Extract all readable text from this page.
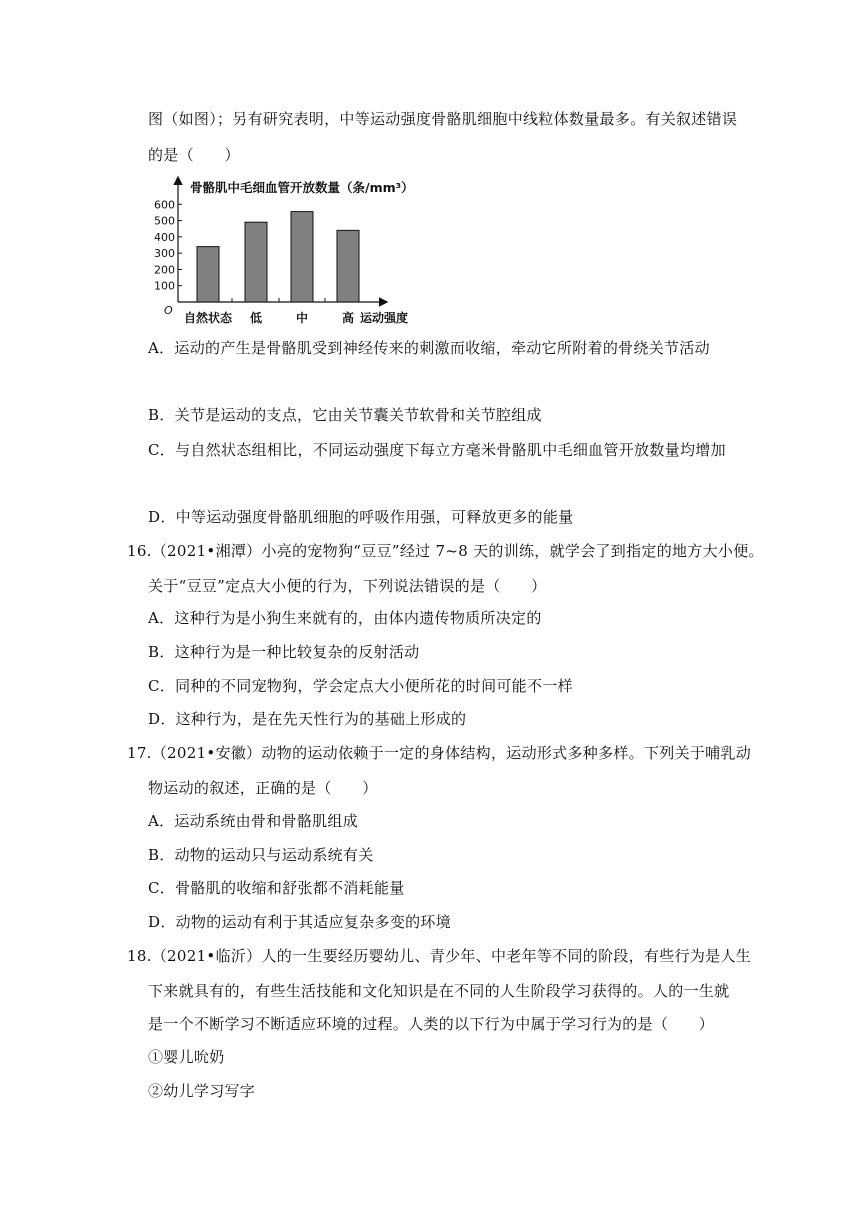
图（如图）；另有研究表明，中等运动强度骨骼肌细胞中线粒体数量最多。有关叙述错误
的是（　　）
骨骼肌中毛细血管开放数量（条/mm³）
O
运动强度
100
200
300
400
500
600
自然状态 低	中	高
A．运动的产生是骨骼肌受到神经传来的刺激而收缩，牵动它所附着的骨绕关节活动
B．关节是运动的支点，它由关节囊关节软骨和关节腔组成
C．与自然状态组相比，不同运动强度下每立方毫米骨骼肌中毛细血管开放数量均增加
D．中等运动强度骨骼肌细胞的呼吸作用强，可释放更多的能量
16.（2021•湘潭）小亮的宠物狗“豆豆”经过 7~8 天的训练，就学会了到指定的地方大小便。
关于“豆豆”定点大小便的行为，下列说法错误的是（　　）
A．这种行为是小狗生来就有的，由体内遗传物质所决定的
B．这种行为是一种比较复杂的反射活动
C．同种的不同宠物狗，学会定点大小便所花的时间可能不一样
D．这种行为，是在先天性行为的基础上形成的
17.（2021•安徽）动物的运动依赖于一定的身体结构，运动形式多种多样。下列关于哺乳动
物运动的叙述，正确的是（　　）
A．运动系统由骨和骨骼肌组成
B．动物的运动只与运动系统有关
C．骨骼肌的收缩和舒张都不消耗能量
D．动物的运动有利于其适应复杂多变的环境
18.（2021•临沂）人的一生要经历婴幼儿、青少年、中老年等不同的阶段，有些行为是人生
下来就具有的，有些生活技能和文化知识是在不同的人生阶段学习获得的。人的一生就
是一个不断学习不断适应环境的过程。人类的以下行为中属于学习行为的是（　　）
①婴儿吮奶
②幼儿学习写字
